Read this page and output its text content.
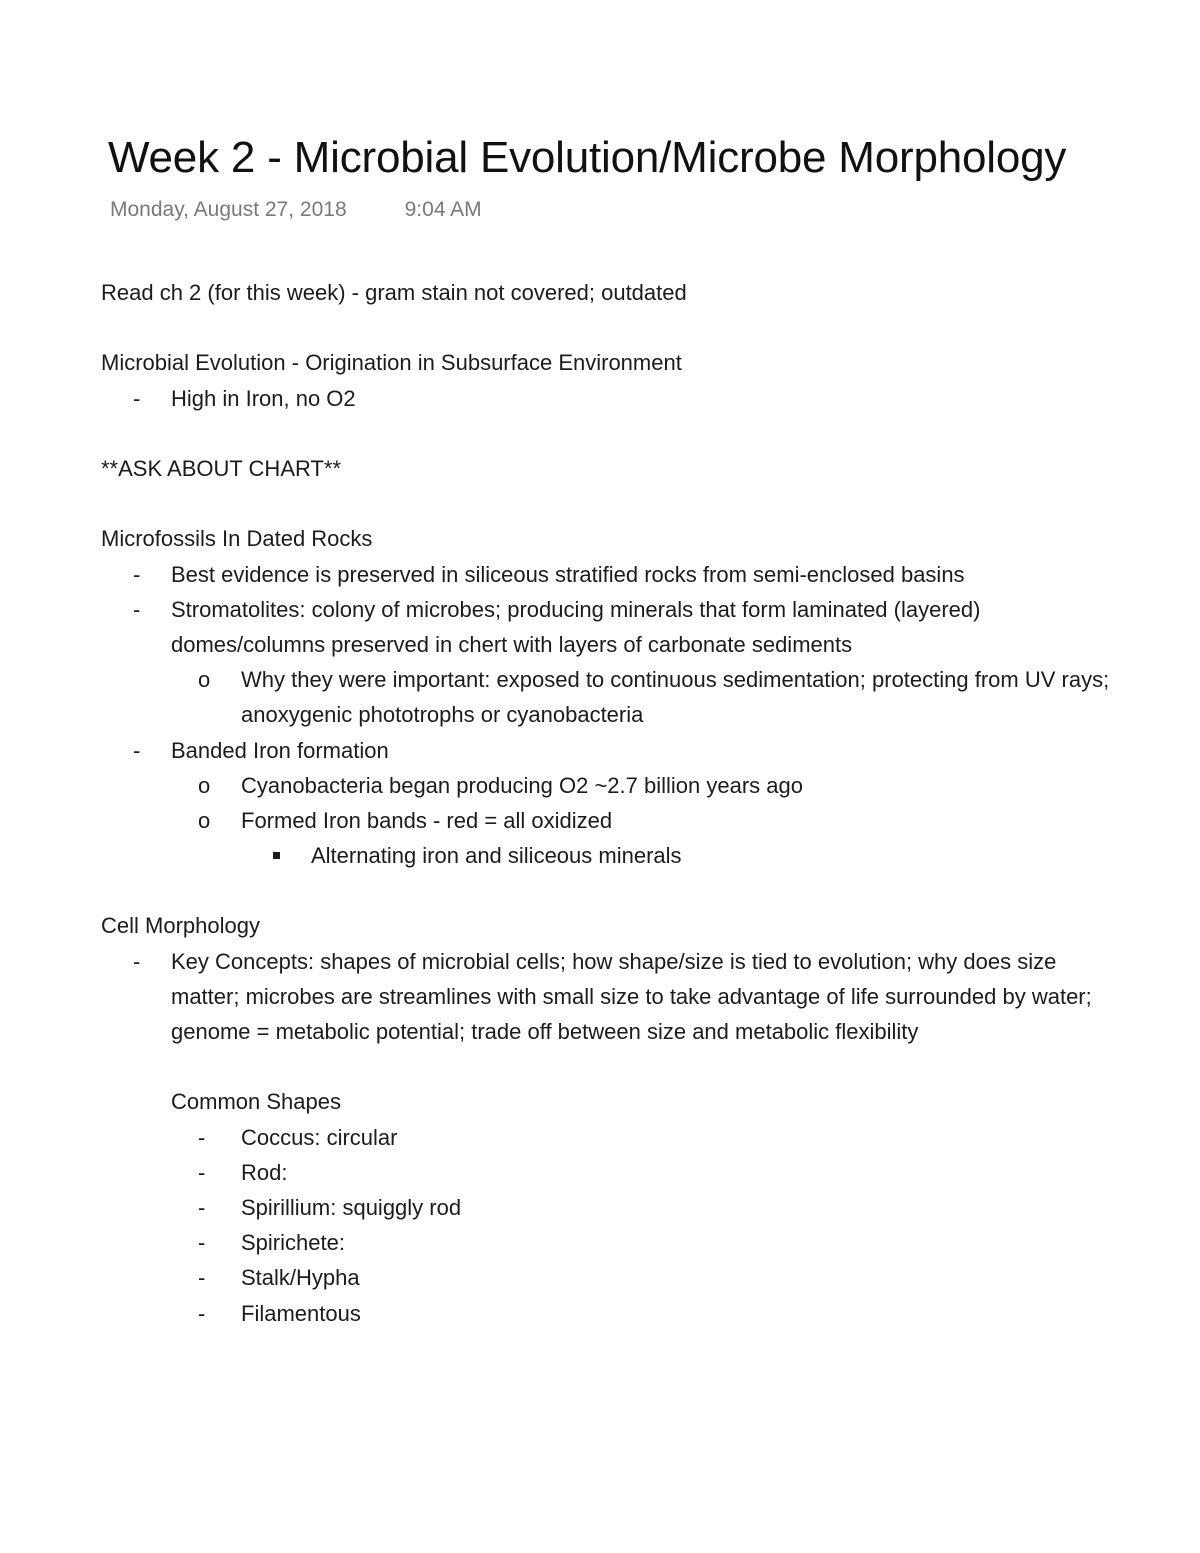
Week 2 - Microbial Evolution/Microbe Morphology
Monday, August 27, 2018	9:04 AM
Read ch 2 (for this week) - gram stain not covered; outdated
Microbial Evolution - Origination in Subsurface Environment
- High in Iron, no O2
**ASK ABOUT CHART**
Microfossils In Dated Rocks
- Best evidence is preserved in siliceous stratified rocks from semi-enclosed basins
- Stromatolites: colony of microbes; producing minerals that form laminated (layered) domes/columns preserved in chert with layers of carbonate sediments
o Why they were important: exposed to continuous sedimentation; protecting from UV rays; anoxygenic phototrophs or cyanobacteria
- Banded Iron formation
o Cyanobacteria began producing O2 ~2.7 billion years ago
o Formed Iron bands - red = all oxidized
Alternating iron and siliceous minerals
Cell Morphology
- Key Concepts: shapes of microbial cells; how shape/size is tied to evolution; why does size matter; microbes are streamlines with small size to take advantage of life surrounded by water; genome = metabolic potential; trade off between size and metabolic flexibility
Common Shapes
- Coccus: circular
- Rod:
- Spirillium: squiggly rod
- Spirichete:
- Stalk/Hypha
- Filamentous
